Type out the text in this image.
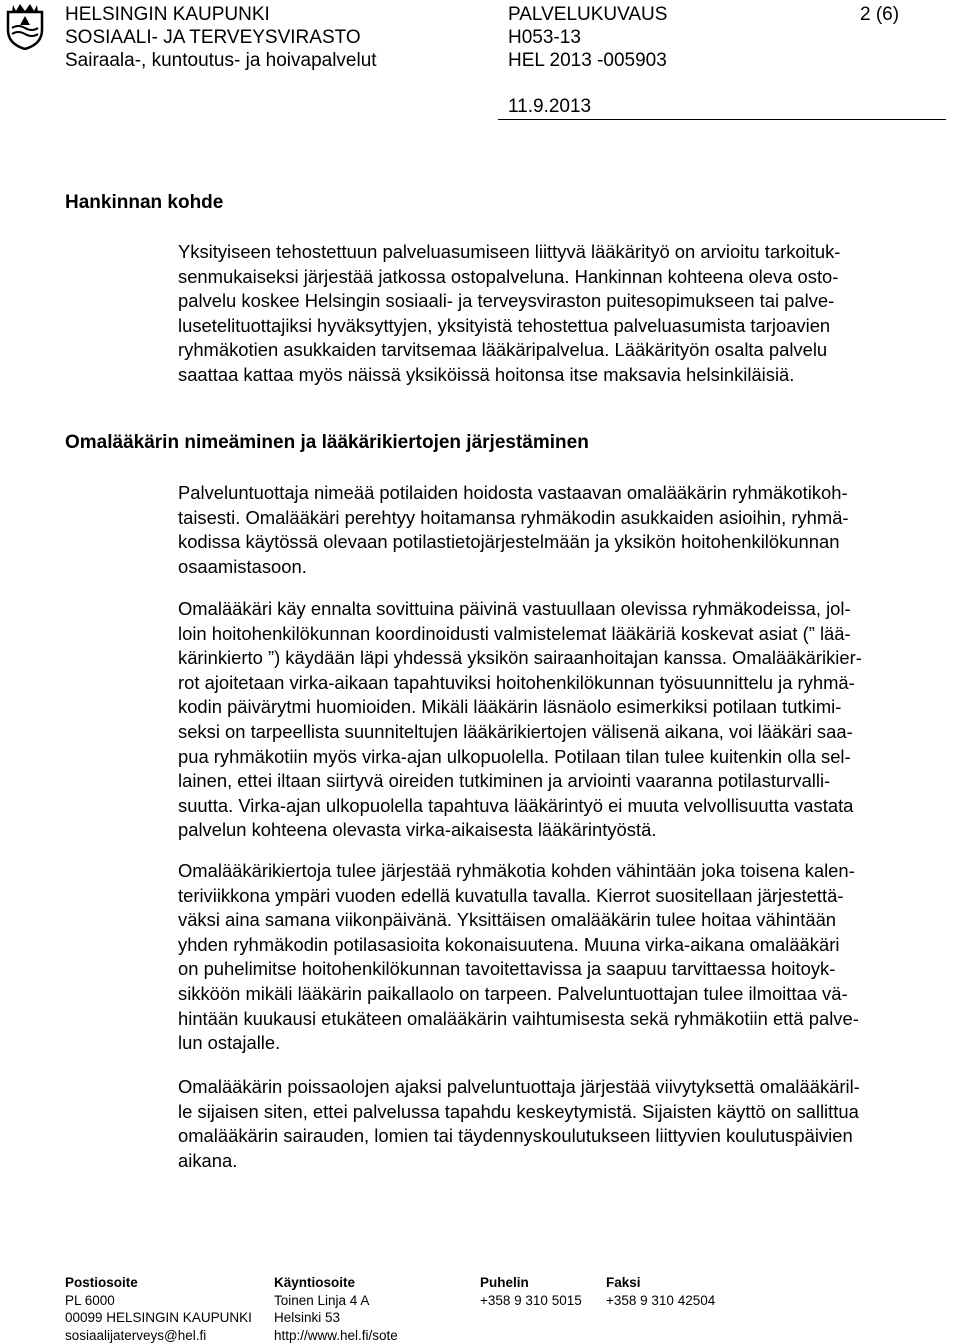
HELSINGIN KAUPUNKI
SOSIAALI- JA TERVEYSVIRASTO
Sairaala-, kuntoutus- ja hoivapalvelut
PALVELUKUVAUS
H053-13
HEL 2013 -005903
2 (6)
11.9.2013
Hankinnan kohde

Yksityiseen tehostettuun palveluasumiseen liittyvä lääkärityö on arvioitu tarkoituk-
senmukaiseksi järjestää jatkossa ostopalveluna. Hankinnan kohteena oleva osto-
palvelu koskee Helsingin sosiaali- ja terveysviraston puitesopimukseen tai palve-
lusetelituottajiksi hyväksyttyjen, yksityistä tehostettua palveluasumista tarjoavien
ryhmäkotien asukkaiden tarvitsemaa lääkäripalvelua. Lääkärityön osalta palvelu
saattaa kattaa myös näissä yksiköissä hoitonsa itse maksavia helsinkiläisiä.

Omalääkärin nimeäminen ja lääkärikiertojen järjestäminen

Palveluntuottaja nimeää potilaiden hoidosta vastaavan omalääkärin ryhmäkotikoh-
taisesti. Omalääkäri perehtyy hoitamansa ryhmäkodin asukkaiden asioihin, ryhmä-
kodissa käytössä olevaan potilastietojärjestelmään ja yksikön hoitohenkilökunnan
osaamistasoon.

Omalääkäri käy ennalta sovittuina päivinä vastuullaan olevissa ryhmäkodeissa, jol-
loin hoitohenkilökunnan koordinoidusti valmistelemat lääkäriä koskevat asiat (” lää-
kärinkierto ”) käydään läpi yhdessä yksikön sairaanhoitajan kanssa. Omalääkärikier-
rot ajoitetaan virka-aikaan tapahtuviksi hoitohenkilökunnan työsuunnittelu ja ryhmä-
kodin päivärytmi huomioiden. Mikäli lääkärin läsnäolo esimerkiksi potilaan tutkimi-
seksi on tarpeellista suunniteltujen lääkärikiertojen välisenä aikana, voi lääkäri saa-
pua ryhmäkotiin myös virka-ajan ulkopuolella. Potilaan tilan tulee kuitenkin olla sel-
lainen, ettei iltaan siirtyvä oireiden tutkiminen ja arviointi vaaranna potilasturvalli-
suutta. Virka-ajan ulkopuolella tapahtuva lääkärintyö ei muuta velvollisuutta vastata
palvelun kohteena olevasta virka-aikaisesta lääkärintyöstä.

Omalääkärikiertoja tulee järjestää ryhmäkotia kohden vähintään joka toisena kalen-
teriviikkona ympäri vuoden edellä kuvatulla tavalla. Kierrot suositellaan järjestettä-
väksi aina samana viikonpäivänä. Yksittäisen omalääkärin tulee hoitaa vähintään
yhden ryhmäkodin potilasasioita kokonaisuutena. Muuna virka-aikana omalääkäri
on puhelimitse hoitohenkilökunnan tavoitettavissa ja saapuu tarvittaessa hoitoyk-
sikköön mikäli lääkärin paikallaolo on tarpeen. Palveluntuottajan tulee ilmoittaa vä-
hintään kuukausi etukäteen omalääkärin vaihtumisesta sekä ryhmäkotiin että palve-
lun ostajalle.

Omalääkärin poissaolojen ajaksi palveluntuottaja järjestää viivytyksettä omalääkäril-
le sijaisen siten, ettei palvelussa tapahdu keskeytymistä. Sijaisten käyttö on sallittua
omalääkärin sairauden, lomien tai täydennyskoulutukseen liittyvien koulutuspäivien
aikana.

Postiosoite
PL 6000
00099 HELSINGIN KAUPUNKI
sosiaalijaterveys@hel.fi
Käyntiosoite
Toinen Linja 4 A
Helsinki 53
http://www.hel.fi/sote
Puhelin
+358 9 310 5015
Faksi
+358 9 310 42504
